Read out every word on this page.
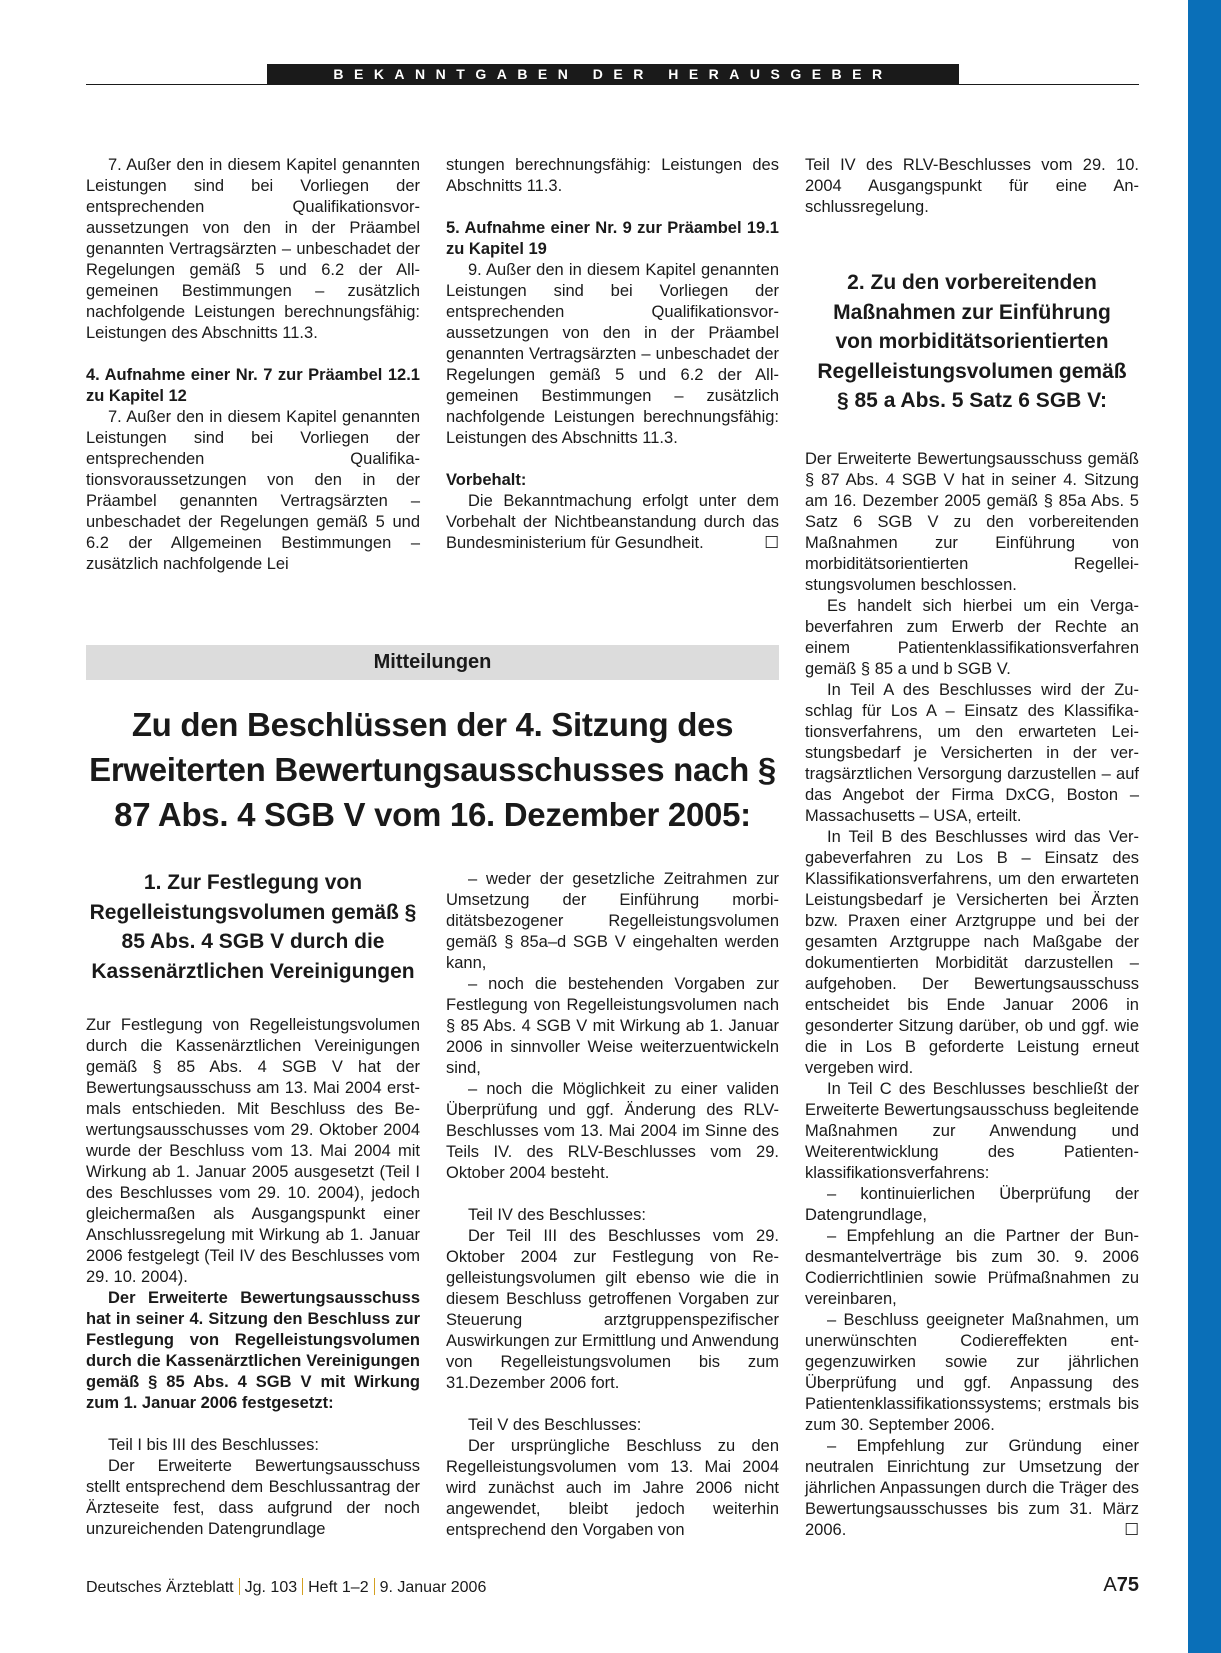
BEKANNTGABEN DER HERAUSGEBER

7. Außer den in diesem Kapitel genannten Leistungen sind bei Vorliegen der entsprechenden Qualifikationsvoraussetzungen von den in der Präambel genannten Vertragsärzten – unbeschadet der Regelungen gemäß 5 und 6.2 der Allgemeinen Bestimmungen – zusätzlich nachfolgende Leistungen berechnungsfähig: Leistungen des Abschnitts 11.3.

4. Aufnahme einer Nr. 7 zur Präambel 12.1 zu Kapitel 12

7. Außer den in diesem Kapitel genannten Leistungen sind bei Vorliegen der entsprechenden Qualifikationsvoraussetzungen von den in der Präambel genannten Vertragsärzten – unbeschadet der Regelungen gemäß 5 und 6.2 der Allgemeinen Bestimmungen – zusätzlich nachfolgende Lei

stungen berechnungsfähig: Leistungen des Abschnitts 11.3.

5. Aufnahme einer Nr. 9 zur Präambel 19.1 zu Kapitel 19

9. Außer den in diesem Kapitel genannten Leistungen sind bei Vorliegen der entsprechenden Qualifikationsvoraussetzungen von den in der Präambel genannten Vertragsärzten – unbeschadet der Regelungen gemäß 5 und 6.2 der Allgemeinen Bestimmungen – zusätzlich nachfolgende Leistungen berechnungsfähig: Leistungen des Abschnitts 11.3.

Vorbehalt:

Die Bekanntmachung erfolgt unter dem Vorbehalt der Nichtbeanstandung durch das Bundesministerium für Gesundheit.	☐

Teil IV des RLV-Beschlusses vom 29. 10. 2004 Ausgangspunkt für eine Anschlussregelung.

2. Zu den vorbereitenden Maßnahmen zur Einführung von morbiditätsorientierten Regelleistungsvolumen gemäß § 85 a Abs. 5 Satz 6 SGB V:
Mitteilungen
Zu den Beschlüssen der 4. Sitzung des Erweiterten Bewertungsausschusses nach § 87 Abs. 4 SGB V vom 16. Dezember 2005:
1. Zur Festlegung von Regelleistungsvolumen gemäß § 85 Abs. 4 SGB V durch die Kassenärztlichen Vereinigungen

Zur Festlegung von Regelleistungsvolumen durch die Kassenärztlichen Vereinigungen gemäß § 85 Abs. 4 SGB V hat der Bewertungsausschuss am 13. Mai 2004 erstmals entschieden. Mit Beschluss des Bewertungsausschusses vom 29. Oktober 2004 wurde der Beschluss vom 13. Mai 2004 mit Wirkung ab 1. Januar 2005 ausgesetzt (Teil I des Beschlusses vom 29. 10. 2004), jedoch gleichermaßen als Ausgangspunkt einer Anschlussregelung mit Wirkung ab 1. Januar 2006 festgelegt (Teil IV des Beschlusses vom 29. 10. 2004).

Der Erweiterte Bewertungsausschuss hat in seiner 4. Sitzung den Beschluss zur Festlegung von Regelleistungsvolumen durch die Kassenärztlichen Vereinigungen gemäß § 85 Abs. 4 SGB V mit Wirkung zum 1. Januar 2006 festgesetzt:

Teil I bis III des Beschlusses:

Der Erweiterte Bewertungsausschuss stellt entsprechend dem Beschlussantrag der Ärzteseite fest, dass aufgrund der noch unzureichenden Datengrundlage

– weder der gesetzliche Zeitrahmen zur Umsetzung der Einführung morbiditätsbezogener Regelleistungsvolumen gemäß § 85a–d SGB V eingehalten werden kann,

– noch die bestehenden Vorgaben zur Festlegung von Regelleistungsvolumen nach § 85 Abs. 4 SGB V mit Wirkung ab 1. Januar 2006 in sinnvoller Weise weiterzuentwickeln sind,

– noch die Möglichkeit zu einer validen Überprüfung und ggf. Änderung des RLV-Beschlusses vom 13. Mai 2004 im Sinne des Teils IV. des RLV-Beschlusses vom 29. Oktober 2004 besteht.

Teil IV des Beschlusses:

Der Teil III des Beschlusses vom 29. Oktober 2004 zur Festlegung von Regelleistungsvolumen gilt ebenso wie die in diesem Beschluss getroffenen Vorgaben zur Steuerung arztgruppenspezifischer Auswirkungen zur Ermittlung und Anwendung von Regelleistungsvolumen bis zum 31.Dezember 2006 fort.

Teil V des Beschlusses:

Der ursprüngliche Beschluss zu den Regelleistungsvolumen vom 13. Mai 2004 wird zunächst auch im Jahre 2006 nicht angewendet, bleibt jedoch weiterhin entsprechend den Vorgaben von

Der Erweiterte Bewertungsausschuss gemäß § 87 Abs. 4 SGB V hat in seiner 4. Sitzung am 16. Dezember 2005 gemäß § 85a Abs. 5 Satz 6 SGB V zu den vorbereitenden Maßnahmen zur Einführung von morbiditätsorientierten Regelleistungsvolumen beschlossen.

Es handelt sich hierbei um ein Vergabeverfahren zum Erwerb der Rechte an einem Patientenklassifikationsverfahren gemäß § 85 a und b SGB V.

In Teil A des Beschlusses wird der Zuschlag für Los A – Einsatz des Klassifikationsverfahrens, um den erwarteten Leistungsbedarf je Versicherten in der vertragsärztlichen Versorgung darzustellen – auf das Angebot der Firma DxCG, Boston – Massachusetts – USA, erteilt.

In Teil B des Beschlusses wird das Vergabeverfahren zu Los B – Einsatz des Klassifikationsverfahrens, um den erwarteten Leistungsbedarf je Versicherten bei Ärzten bzw. Praxen einer Arztgruppe und bei der gesamten Arztgruppe nach Maßgabe der dokumentierten Morbidität darzustellen – aufgehoben. Der Bewertungsausschuss entscheidet bis Ende Januar 2006 in gesonderter Sitzung darüber, ob und ggf. wie die in Los B geforderte Leistung erneut vergeben wird.

In Teil C des Beschlusses beschließt der Erweiterte Bewertungsausschuss begleitende Maßnahmen zur Anwendung und Weiterentwicklung des Patientenklassifikationsverfahrens:

– kontinuierlichen Überprüfung der Datengrundlage,

– Empfehlung an die Partner der Bundesmantelverträge bis zum 30. 9. 2006 Codierrichtlinien sowie Prüfmaßnahmen zu vereinbaren,

– Beschluss geeigneter Maßnahmen, um unerwünschten Codiereffekten entgegenzuwirken sowie zur jährlichen Überprüfung und ggf. Anpassung des Patientenklassifikationssystems; erstmals bis zum 30. September 2006.

– Empfehlung zur Gründung einer neutralen Einrichtung zur Umsetzung der jährlichen Anpassungen durch die Träger des Bewertungsausschusses bis zum 31. März 2006.	☐

Deutsches Ärzteblatt Jg. 103 Heft 1–2 9. Januar 2006	A75
